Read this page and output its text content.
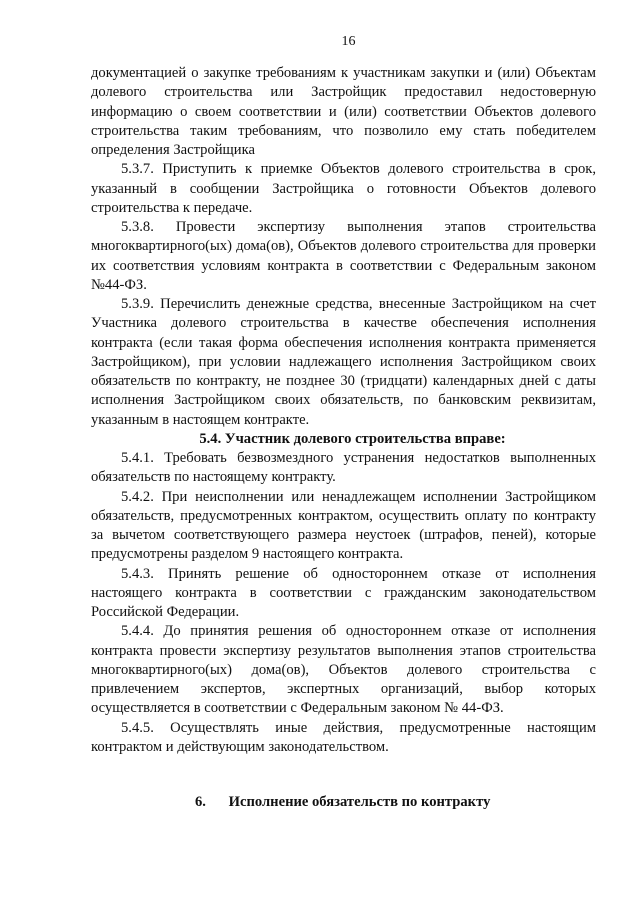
16

документацией о закупке требованиям к участникам закупки и (или) Объектам долевого строительства или Застройщик предоставил недостоверную информацию о своем соответствии и (или) соответствии Объектов долевого строительства таким требованиям, что позволило ему стать победителем определения Застройщика

5.3.7. Приступить к приемке Объектов долевого строительства в срок, указанный в сообщении Застройщика о готовности Объектов долевого строительства к передаче.

5.3.8. Провести экспертизу выполнения этапов строительства многоквартирного(ых) дома(ов), Объектов долевого строительства для проверки их соответствия условиям контракта в соответствии с Федеральным законом №44-ФЗ.

5.3.9. Перечислить денежные средства, внесенные Застройщиком на счет Участника долевого строительства в качестве обеспечения исполнения контракта (если такая форма обеспечения исполнения контракта применяется Застройщиком), при условии надлежащего исполнения Застройщиком своих обязательств по контракту, не позднее 30 (тридцати) календарных дней с даты исполнения Застройщиком своих обязательств, по банковским реквизитам, указанным в настоящем контракте.

5.4. Участник долевого строительства вправе:

5.4.1. Требовать безвозмездного устранения недостатков выполненных обязательств по настоящему контракту.

5.4.2. При неисполнении или ненадлежащем исполнении Застройщиком обязательств, предусмотренных контрактом, осуществить оплату по контракту за вычетом соответствующего размера неустоек (штрафов, пеней), которые предусмотрены разделом 9 настоящего контракта.

5.4.3. Принять решение об одностороннем отказе от исполнения настоящего контракта в соответствии с гражданским законодательством Российской Федерации.

5.4.4. До принятия решения об одностороннем отказе от исполнения контракта провести экспертизу результатов выполнения этапов строительства многоквартирного(ых) дома(ов), Объектов долевого строительства с привлечением экспертов, экспертных организаций, выбор которых осуществляется в соответствии с Федеральным законом № 44-ФЗ.

5.4.5. Осуществлять иные действия, предусмотренные настоящим контрактом и действующим законодательством.

6. Исполнение обязательств по контракту
